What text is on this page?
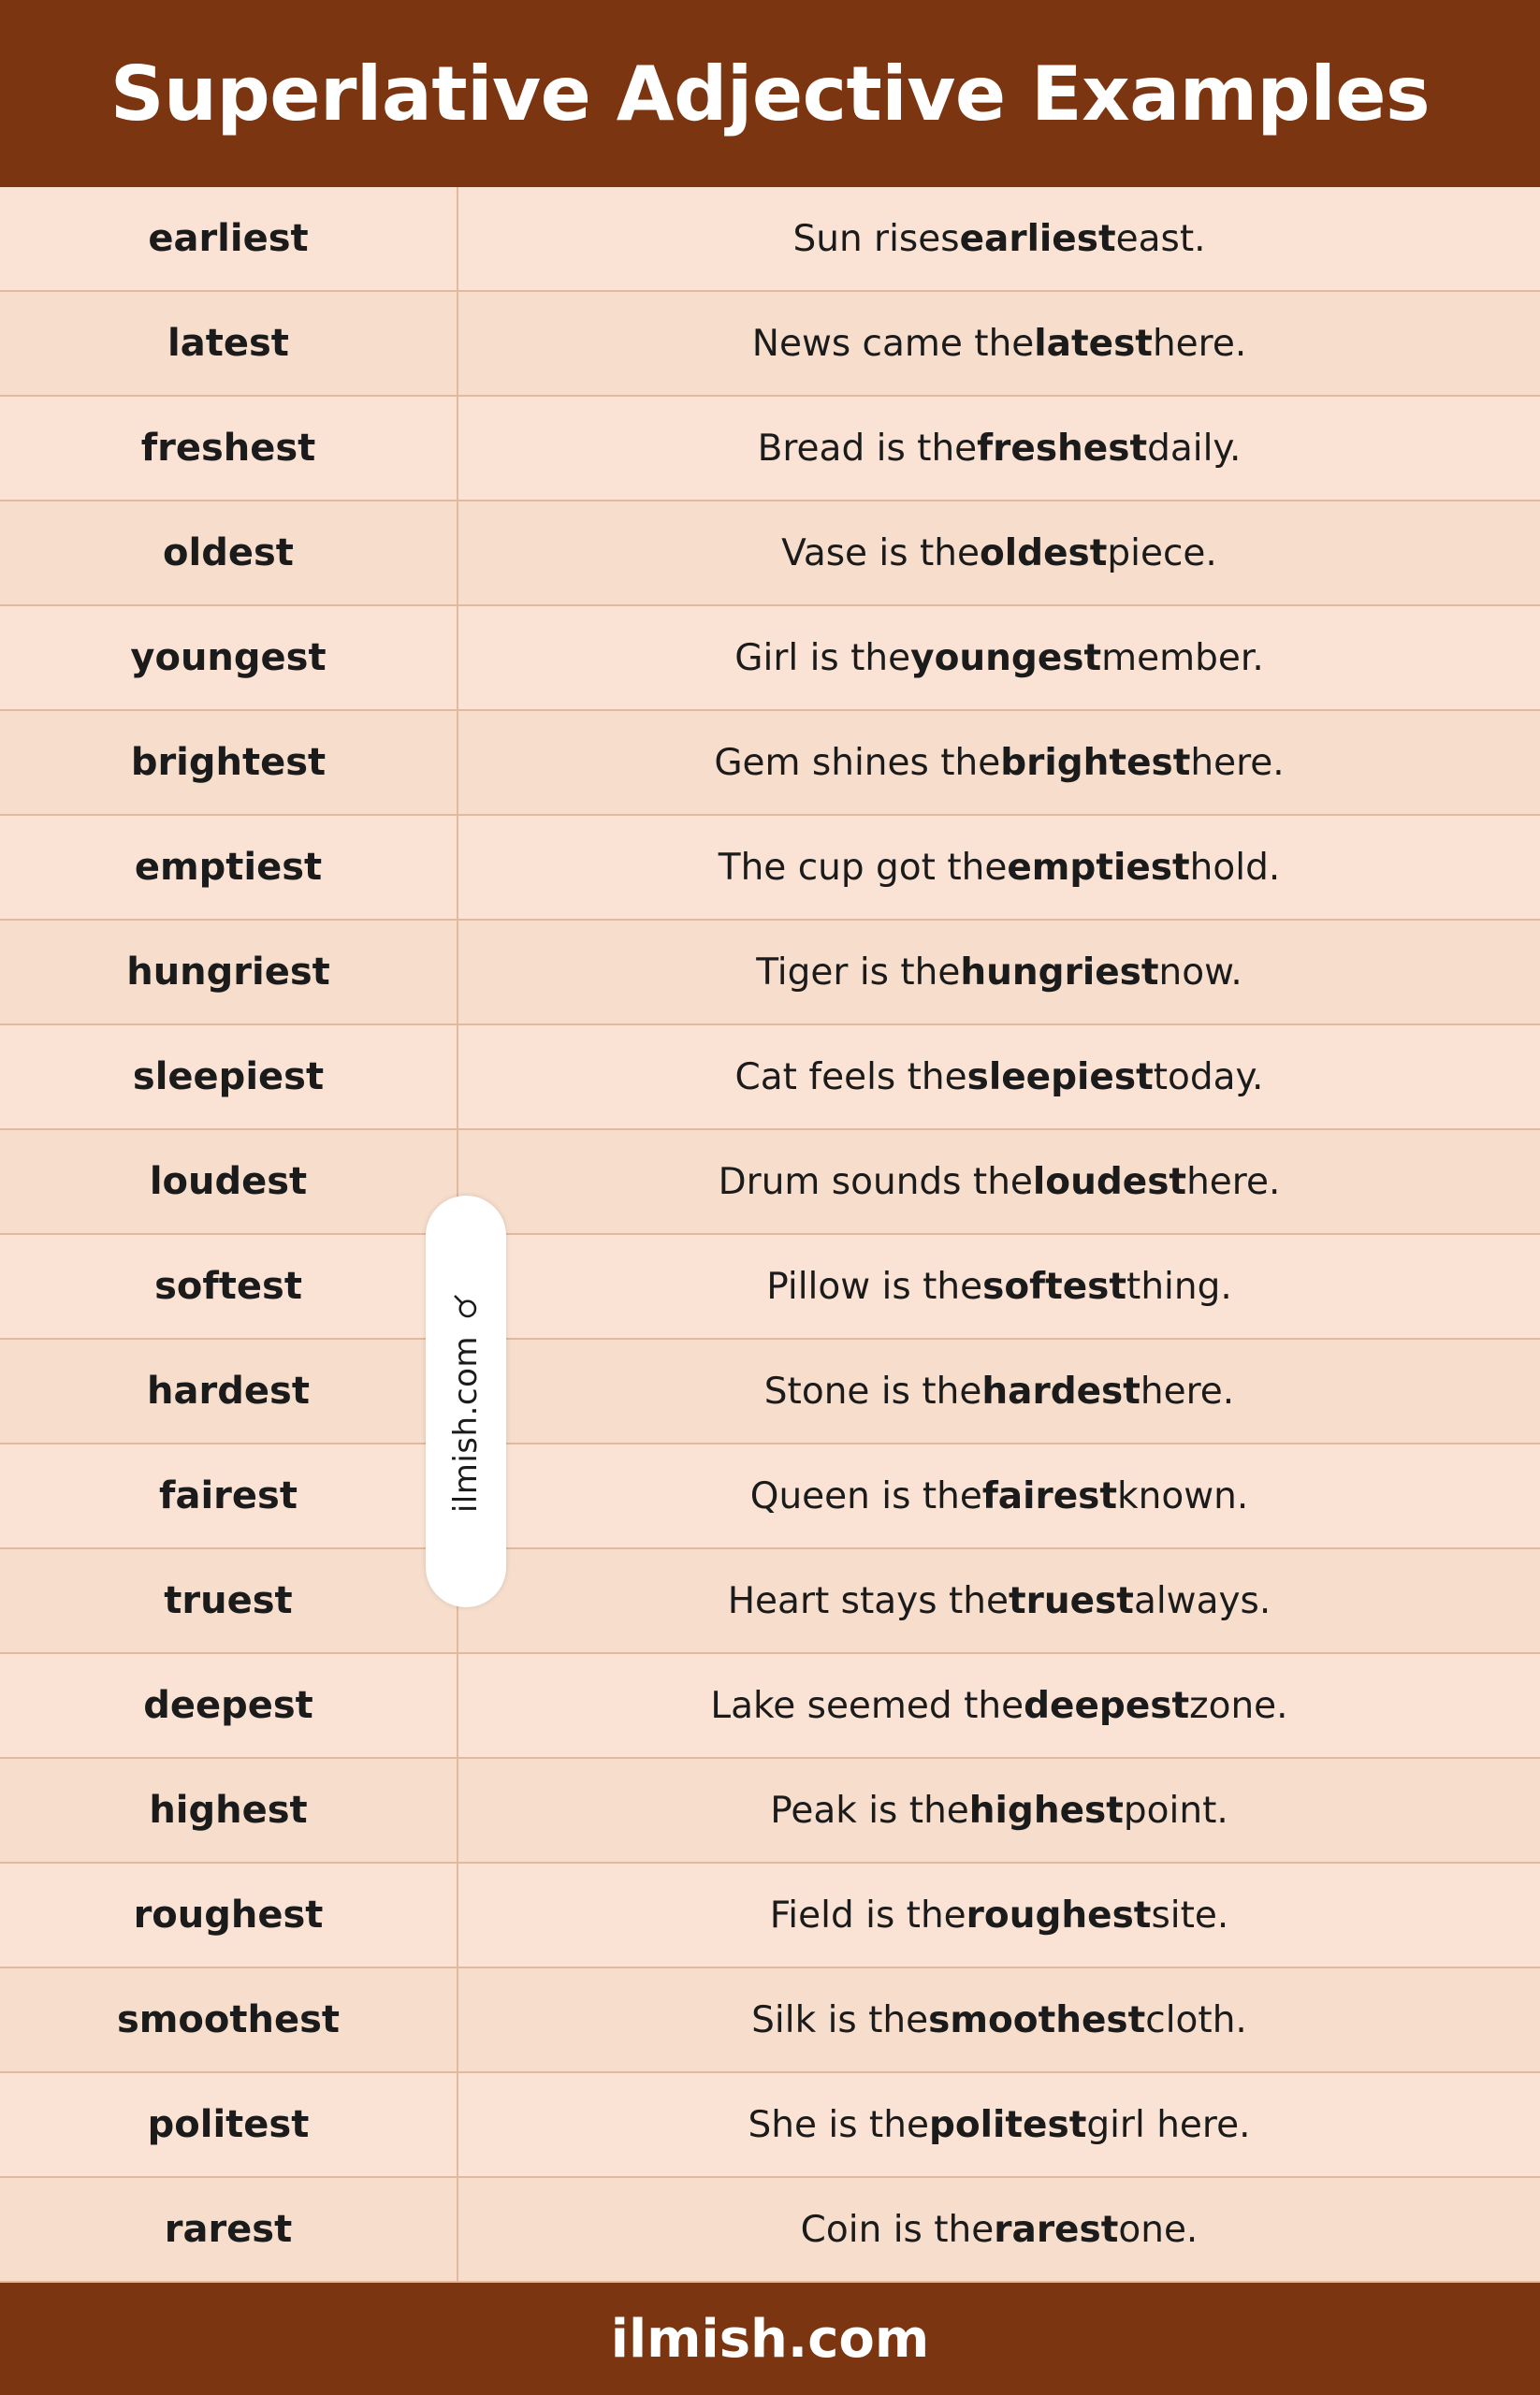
Superlative Adjective Examples
earliest	Sun rises earliest east.
latest	News came the latest here.
freshest	Bread is the freshest daily.
oldest	Vase is the oldest piece.
youngest	Girl is the youngest member.
brightest	Gem shines the brightest here.
emptiest	The cup got the emptiest hold.
hungriest	Tiger is the hungriest now.
sleepiest	Cat feels the sleepiest today.
loudest	Drum sounds the loudest here.
softest	Pillow is the softest thing.
hardest	Stone is the hardest here.
fairest	Queen is the fairest known.
truest	Heart stays the truest always.
deepest	Lake seemed the deepest zone.
highest	Peak is the highest point.
roughest	Field is the roughest site.
smoothest	Silk is the smoothest cloth.
politest	She is the politest girl here.
rarest	Coin is the rarest one.
ilmish.com
ilmish.com
